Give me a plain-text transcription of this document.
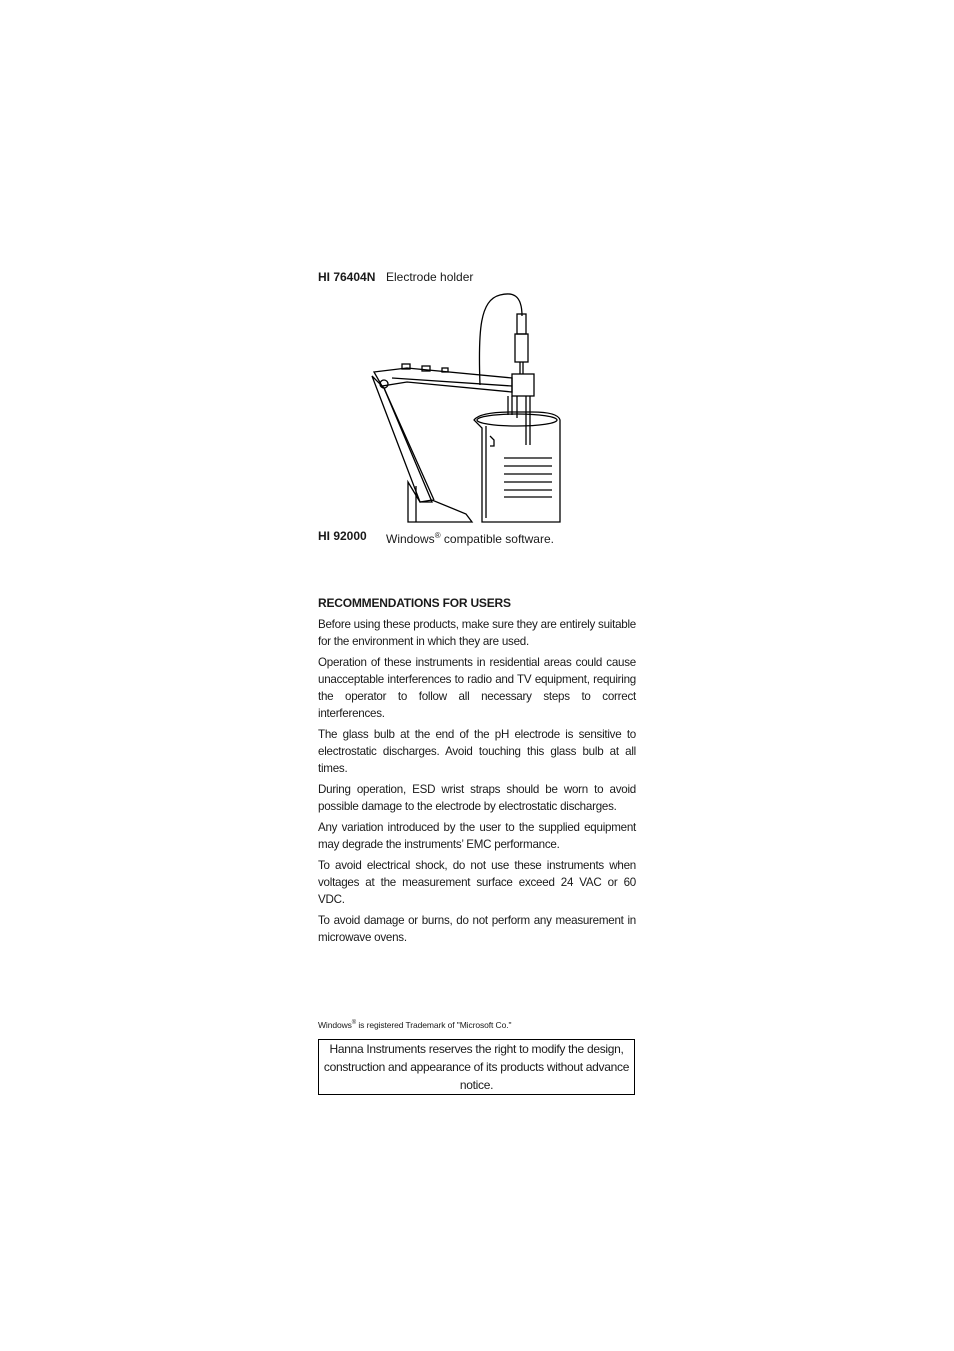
HI 76404N Electrode holder
HI 92000 Windows® compatible software.
RECOMMENDATIONS FOR USERS

Before using these products, make sure they are entirely suitable for the environment in which they are used.

Operation of these instruments in residential areas could cause unacceptable interferences to radio and TV equipment, requiring the operator to follow all necessary steps to correct interferences.

The glass bulb at the end of the pH electrode is sensitive to electrostatic discharges. Avoid touching this glass bulb at all times.

During operation, ESD wrist straps should be worn to avoid possible damage to the electrode by electrostatic discharges.

Any variation introduced by the user to the supplied equipment may degrade the instruments’ EMC performance.

To avoid electrical shock, do not use these instruments when voltages at the measurement surface exceed 24 VAC or 60 VDC.

To avoid damage or burns, do not perform any measurement in microwave ovens.

Windows® is registered Trademark of "Microsoft Co."
Hanna Instruments reserves the right to modify the design, construction and appearance of its products without advance notice.
